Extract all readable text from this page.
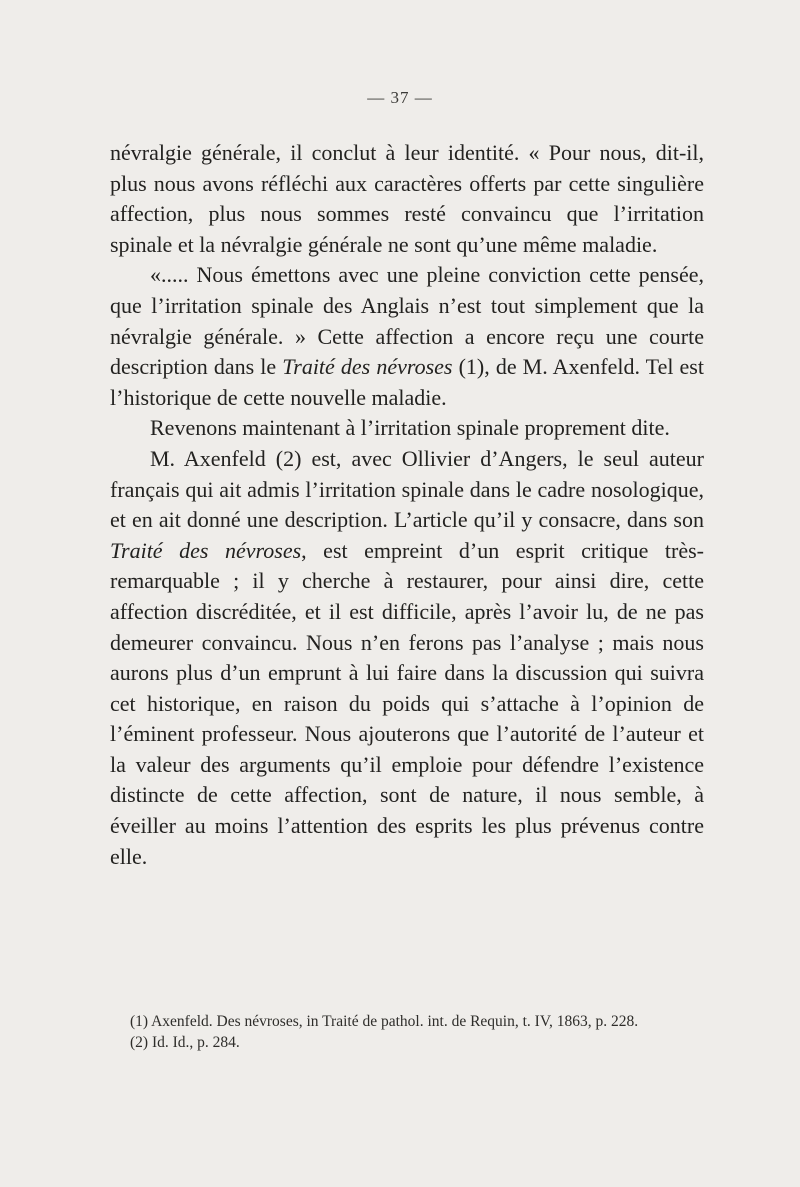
— 37 —

névralgie générale, il conclut à leur identité. « Pour nous, dit-il, plus nous avons réfléchi aux caractères offerts par cette singulière affection, plus nous sommes resté convaincu que l’irritation spinale et la névralgie générale ne sont qu’une même maladie.

«..... Nous émettons avec une pleine conviction cette pensée, que l’irritation spinale des Anglais n’est tout simplement que la névralgie générale. » Cette affection a encore reçu une courte description dans le Traité des névroses (1), de M. Axenfeld. Tel est l’historique de cette nouvelle maladie.

Revenons maintenant à l’irritation spinale proprement dite.

M. Axenfeld (2) est, avec Ollivier d’Angers, le seul auteur français qui ait admis l’irritation spinale dans le cadre nosologique, et en ait donné une description. L’article qu’il y consacre, dans son Traité des névroses, est empreint d’un esprit critique très-remarquable ; il y cherche à restaurer, pour ainsi dire, cette affection discréditée, et il est difficile, après l’avoir lu, de ne pas demeurer convaincu. Nous n’en ferons pas l’analyse ; mais nous aurons plus d’un emprunt à lui faire dans la discussion qui suivra cet historique, en raison du poids qui s’attache à l’opinion de l’éminent professeur. Nous ajouterons que l’autorité de l’auteur et la valeur des arguments qu’il emploie pour défendre l’existence distincte de cette affection, sont de nature, il nous semble, à éveiller au moins l’attention des esprits les plus prévenus contre elle.

(1) Axenfeld. Des névroses, in Traité de pathol. int. de Requin, t. IV, 1863, p. 228.

(2) Id. Id., p. 284.
